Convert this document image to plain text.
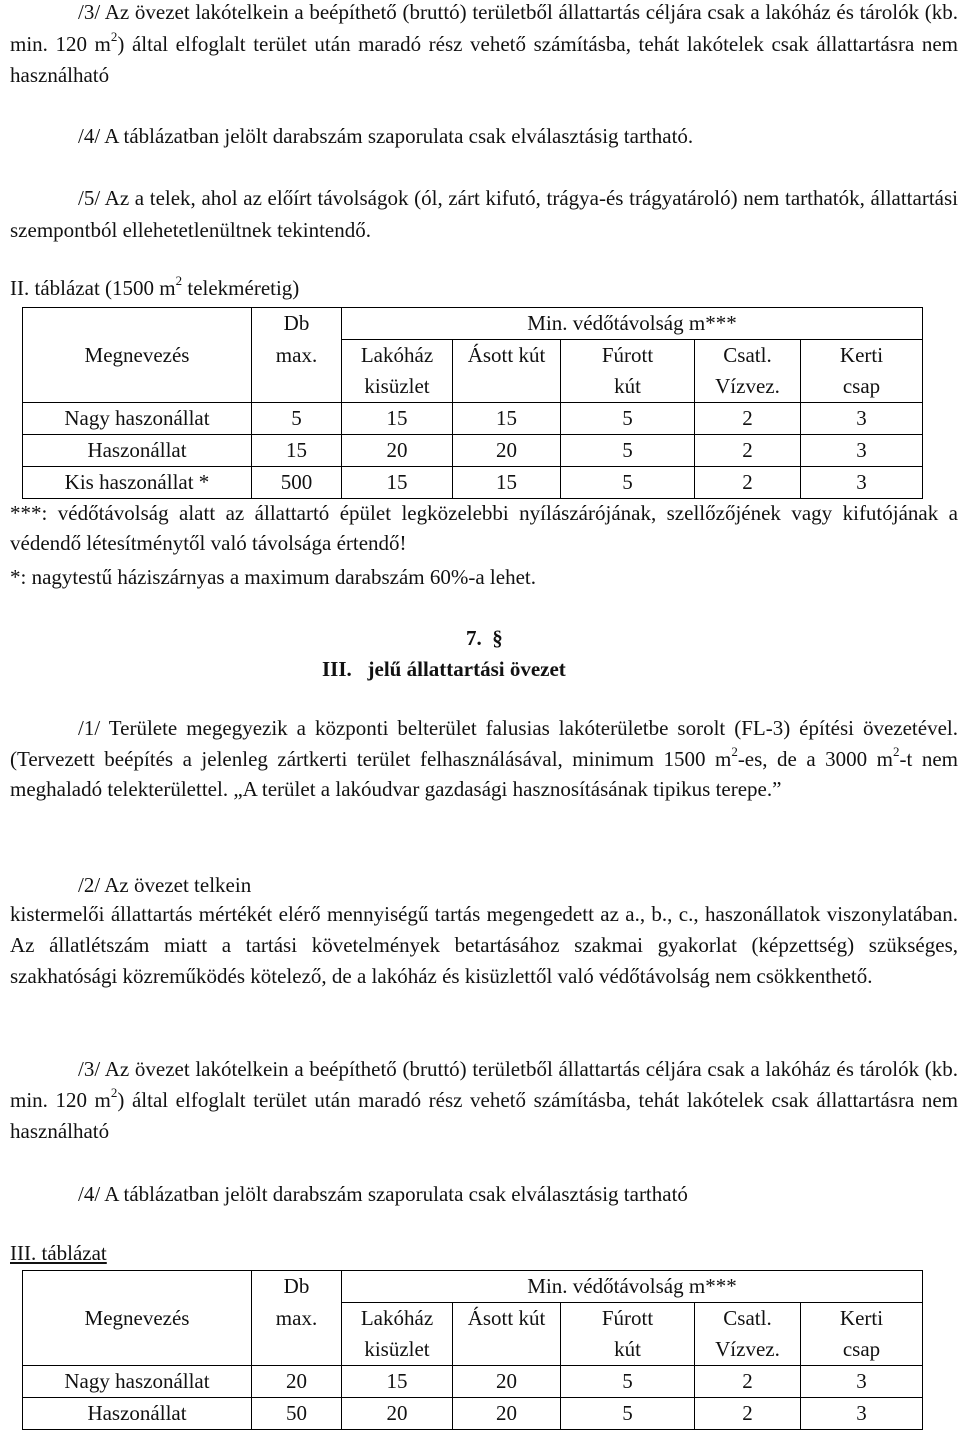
/3/ Az övezet lakótelkein a beépíthető (bruttó) területből állattartás céljára csak a lakóház és tárolók (kb. min. 120 $m^2$) által elfoglalt terület után maradó rész vehető számításba, tehát lakótelek csak állattartásra nem használható

/4/ A táblázatban jelölt darabszám szaporulata csak elválasztásig tartható.

/5/ Az a telek, ahol az előírt távolságok (ól, zárt kifutó, trágya-és trágyatároló) nem tarthatók, állattartási szempontból ellehetetlenültnek tekintendő.

II. táblázat (1500 $m^2$ telekméretig)

Megnevezés	Db	Min. védőtávolság m***				
	max.	Lakóház	Ásott kút	Fúrott	Csatl.	Kerti
		kisüzlet		kút	Vízvez.	csap
Nagy haszonállat	5	15	15	5	2	3
Haszonállat	15	20	20	5	2	3
Kis haszonállat *	500	15	15	5	2	3

***: védőtávolság alatt az állattartó épület legközelebbi nyílászárójának, szellőzőjének vagy kifutójának a védendő létesítménytől való távolsága értendő!

*: nagytestű háziszárnyas a maximum darabszám 60%-a lehet.

7. §

III. jelű állattartási övezet

/1/ Területe megegyezik a központi belterület falusias lakóterületbe sorolt (FL-3) építési övezetével. (Tervezett beépítés a jelenleg zártkerti terület felhasználásával, minimum 1500 $m^2-es$, de a 3000 $m^2-t$ nem meghaladó telekterülettel. „A terület a lakóudvar gazdasági hasznosításának tipikus terepe.”

/2/ Az övezet telkein

kistermelői állattartás mértékét elérő mennyiségű tartás megengedett az a., b., c., haszonállatok viszonylatában. Az állatlétszám miatt a tartási követelmények betartásához szakmai gyakorlat (képzettség) szükséges, szakhatósági közreműködés kötelező, de a lakóház és kisüzlettől való védőtávolság nem csökkenthető.

/3/ Az övezet lakótelkein a beépíthető (bruttó) területből állattartás céljára csak a lakóház és tárolók (kb. min. 120 $m^2$) által elfoglalt terület után maradó rész vehető számításba, tehát lakótelek csak állattartásra nem használható

/4/ A táblázatban jelölt darabszám szaporulata csak elválasztásig tartható

III. táblázat

Megnevezés	Db	Min. védőtávolság m***				
	max.	Lakóház	Ásott kút	Fúrott	Csatl.	Kerti
		kisüzlet		kút	Vízvez.	csap
Nagy haszonállat	20	15	20	5	2	3
Haszonállat	50	20	20	5	2	3
